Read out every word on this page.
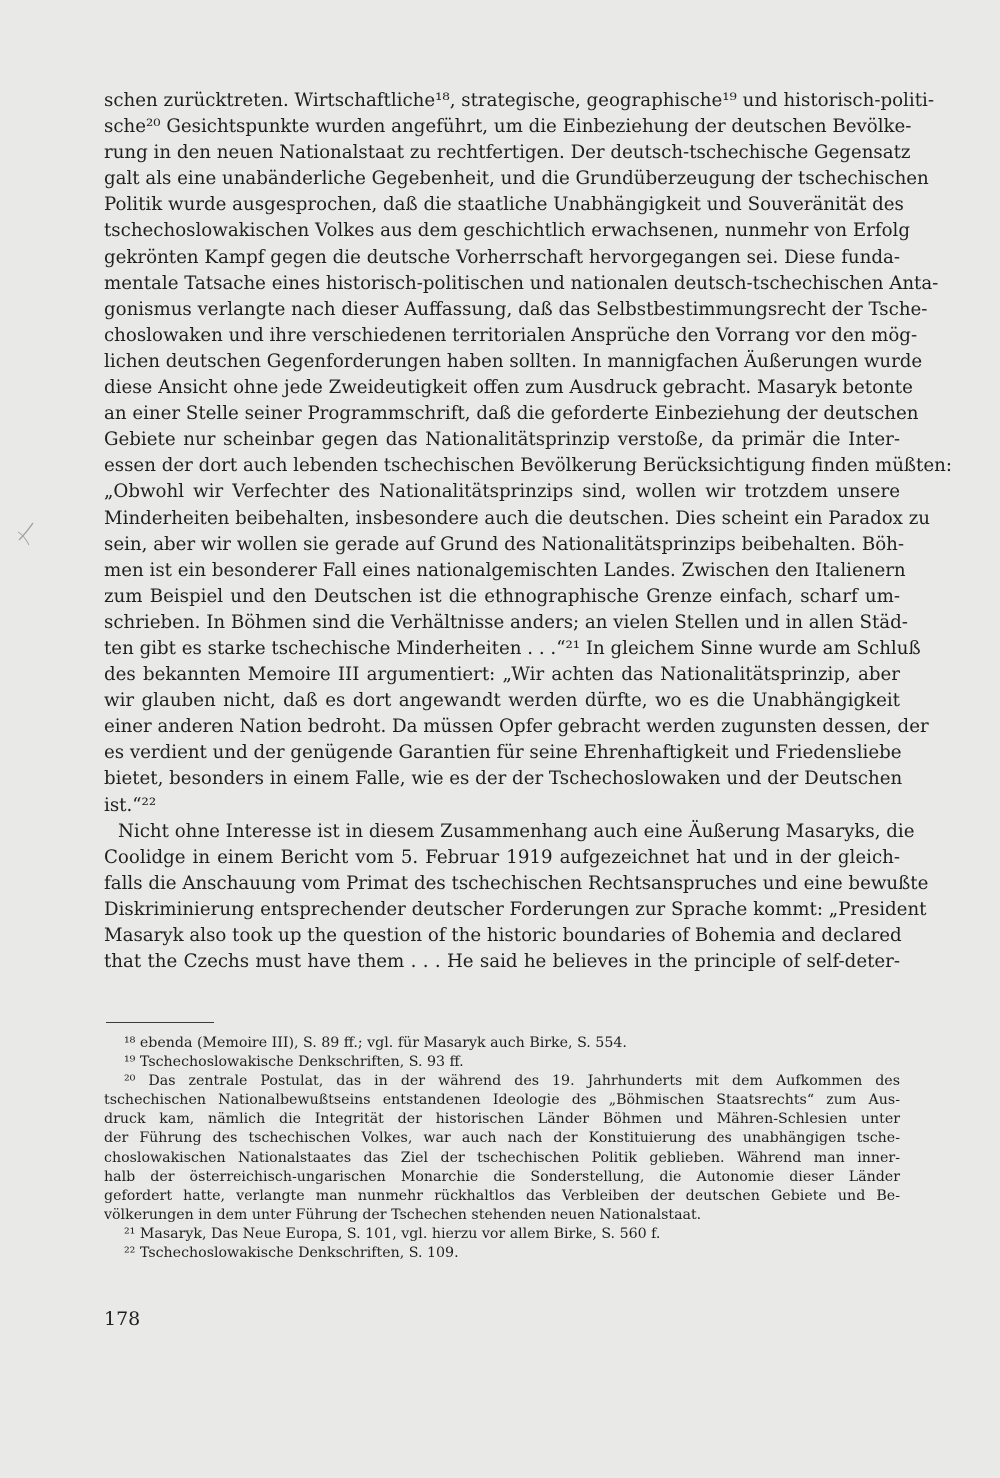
schen zurücktreten. Wirtschaftliche¹⁸, strategische, geographische¹⁹ und historisch-politi-
sche²⁰ Gesichtspunkte wurden angeführt, um die Einbeziehung der deutschen Bevölke-
rung in den neuen Nationalstaat zu rechtfertigen. Der deutsch-tschechische Gegensatz
galt als eine unabänderliche Gegebenheit, und die Grundüberzeugung der tschechischen
Politik wurde ausgesprochen, daß die staatliche Unabhängigkeit und Souveränität des
tschechoslowakischen Volkes aus dem geschichtlich erwachsenen, nunmehr von Erfolg
gekrönten Kampf gegen die deutsche Vorherrschaft hervorgegangen sei. Diese funda-
mentale Tatsache eines historisch-politischen und nationalen deutsch-tschechischen Anta-
gonismus verlangte nach dieser Auffassung, daß das Selbstbestimmungsrecht der Tsche-
choslowaken und ihre verschiedenen territorialen Ansprüche den Vorrang vor den mög-
lichen deutschen Gegenforderungen haben sollten. In mannigfachen Äußerungen wurde
diese Ansicht ohne jede Zweideutigkeit offen zum Ausdruck gebracht. Masaryk betonte
an einer Stelle seiner Programmschrift, daß die geforderte Einbeziehung der deutschen
Gebiete nur scheinbar gegen das Nationalitätsprinzip verstoße, da primär die Inter-
essen der dort auch lebenden tschechischen Bevölkerung Berücksichtigung finden müßten:
„Obwohl wir Verfechter des Nationalitätsprinzips sind, wollen wir trotzdem unsere
Minderheiten beibehalten, insbesondere auch die deutschen. Dies scheint ein Paradox zu
sein, aber wir wollen sie gerade auf Grund des Nationalitätsprinzips beibehalten. Böh-
men ist ein besonderer Fall eines nationalgemischten Landes. Zwischen den Italienern
zum Beispiel und den Deutschen ist die ethnographische Grenze einfach, scharf um-
schrieben. In Böhmen sind die Verhältnisse anders; an vielen Stellen und in allen Städ-
ten gibt es starke tschechische Minderheiten . . .“²¹ In gleichem Sinne wurde am Schluß
des bekannten Memoire III argumentiert: „Wir achten das Nationalitätsprinzip, aber
wir glauben nicht, daß es dort angewandt werden dürfte, wo es die Unabhängigkeit
einer anderen Nation bedroht. Da müssen Opfer gebracht werden zugunsten dessen, der
es verdient und der genügende Garantien für seine Ehrenhaftigkeit und Friedensliebe
bietet, besonders in einem Falle, wie es der der Tschechoslowaken und der Deutschen
ist.“²²
Nicht ohne Interesse ist in diesem Zusammenhang auch eine Äußerung Masaryks, die
Coolidge in einem Bericht vom 5. Februar 1919 aufgezeichnet hat und in der gleich-
falls die Anschauung vom Primat des tschechischen Rechtsanspruches und eine bewußte
Diskriminierung entsprechender deutscher Forderungen zur Sprache kommt: „President
Masaryk also took up the question of the historic boundaries of Bohemia and declared
that the Czechs must have them . . . He said he believes in the principle of self-deter-
¹⁸ ebenda (Memoire III), S. 89 ff.; vgl. für Masaryk auch Birke, S. 554.
¹⁹ Tschechoslowakische Denkschriften, S. 93 ff.
²⁰ Das zentrale Postulat, das in der während des 19. Jahrhunderts mit dem Aufkommen des
tschechischen Nationalbewußtseins entstandenen Ideologie des „Böhmischen Staatsrechts“ zum Aus-
druck kam, nämlich die Integrität der historischen Länder Böhmen und Mähren-Schlesien unter
der Führung des tschechischen Volkes, war auch nach der Konstituierung des unabhängigen tsche-
choslowakischen Nationalstaates das Ziel der tschechischen Politik geblieben. Während man inner-
halb der österreichisch-ungarischen Monarchie die Sonderstellung, die Autonomie dieser Länder
gefordert hatte, verlangte man nunmehr rückhaltlos das Verbleiben der deutschen Gebiete und Be-
völkerungen in dem unter Führung der Tschechen stehenden neuen Nationalstaat.
²¹ Masaryk, Das Neue Europa, S. 101, vgl. hierzu vor allem Birke, S. 560 f.
²² Tschechoslowakische Denkschriften, S. 109.
178
